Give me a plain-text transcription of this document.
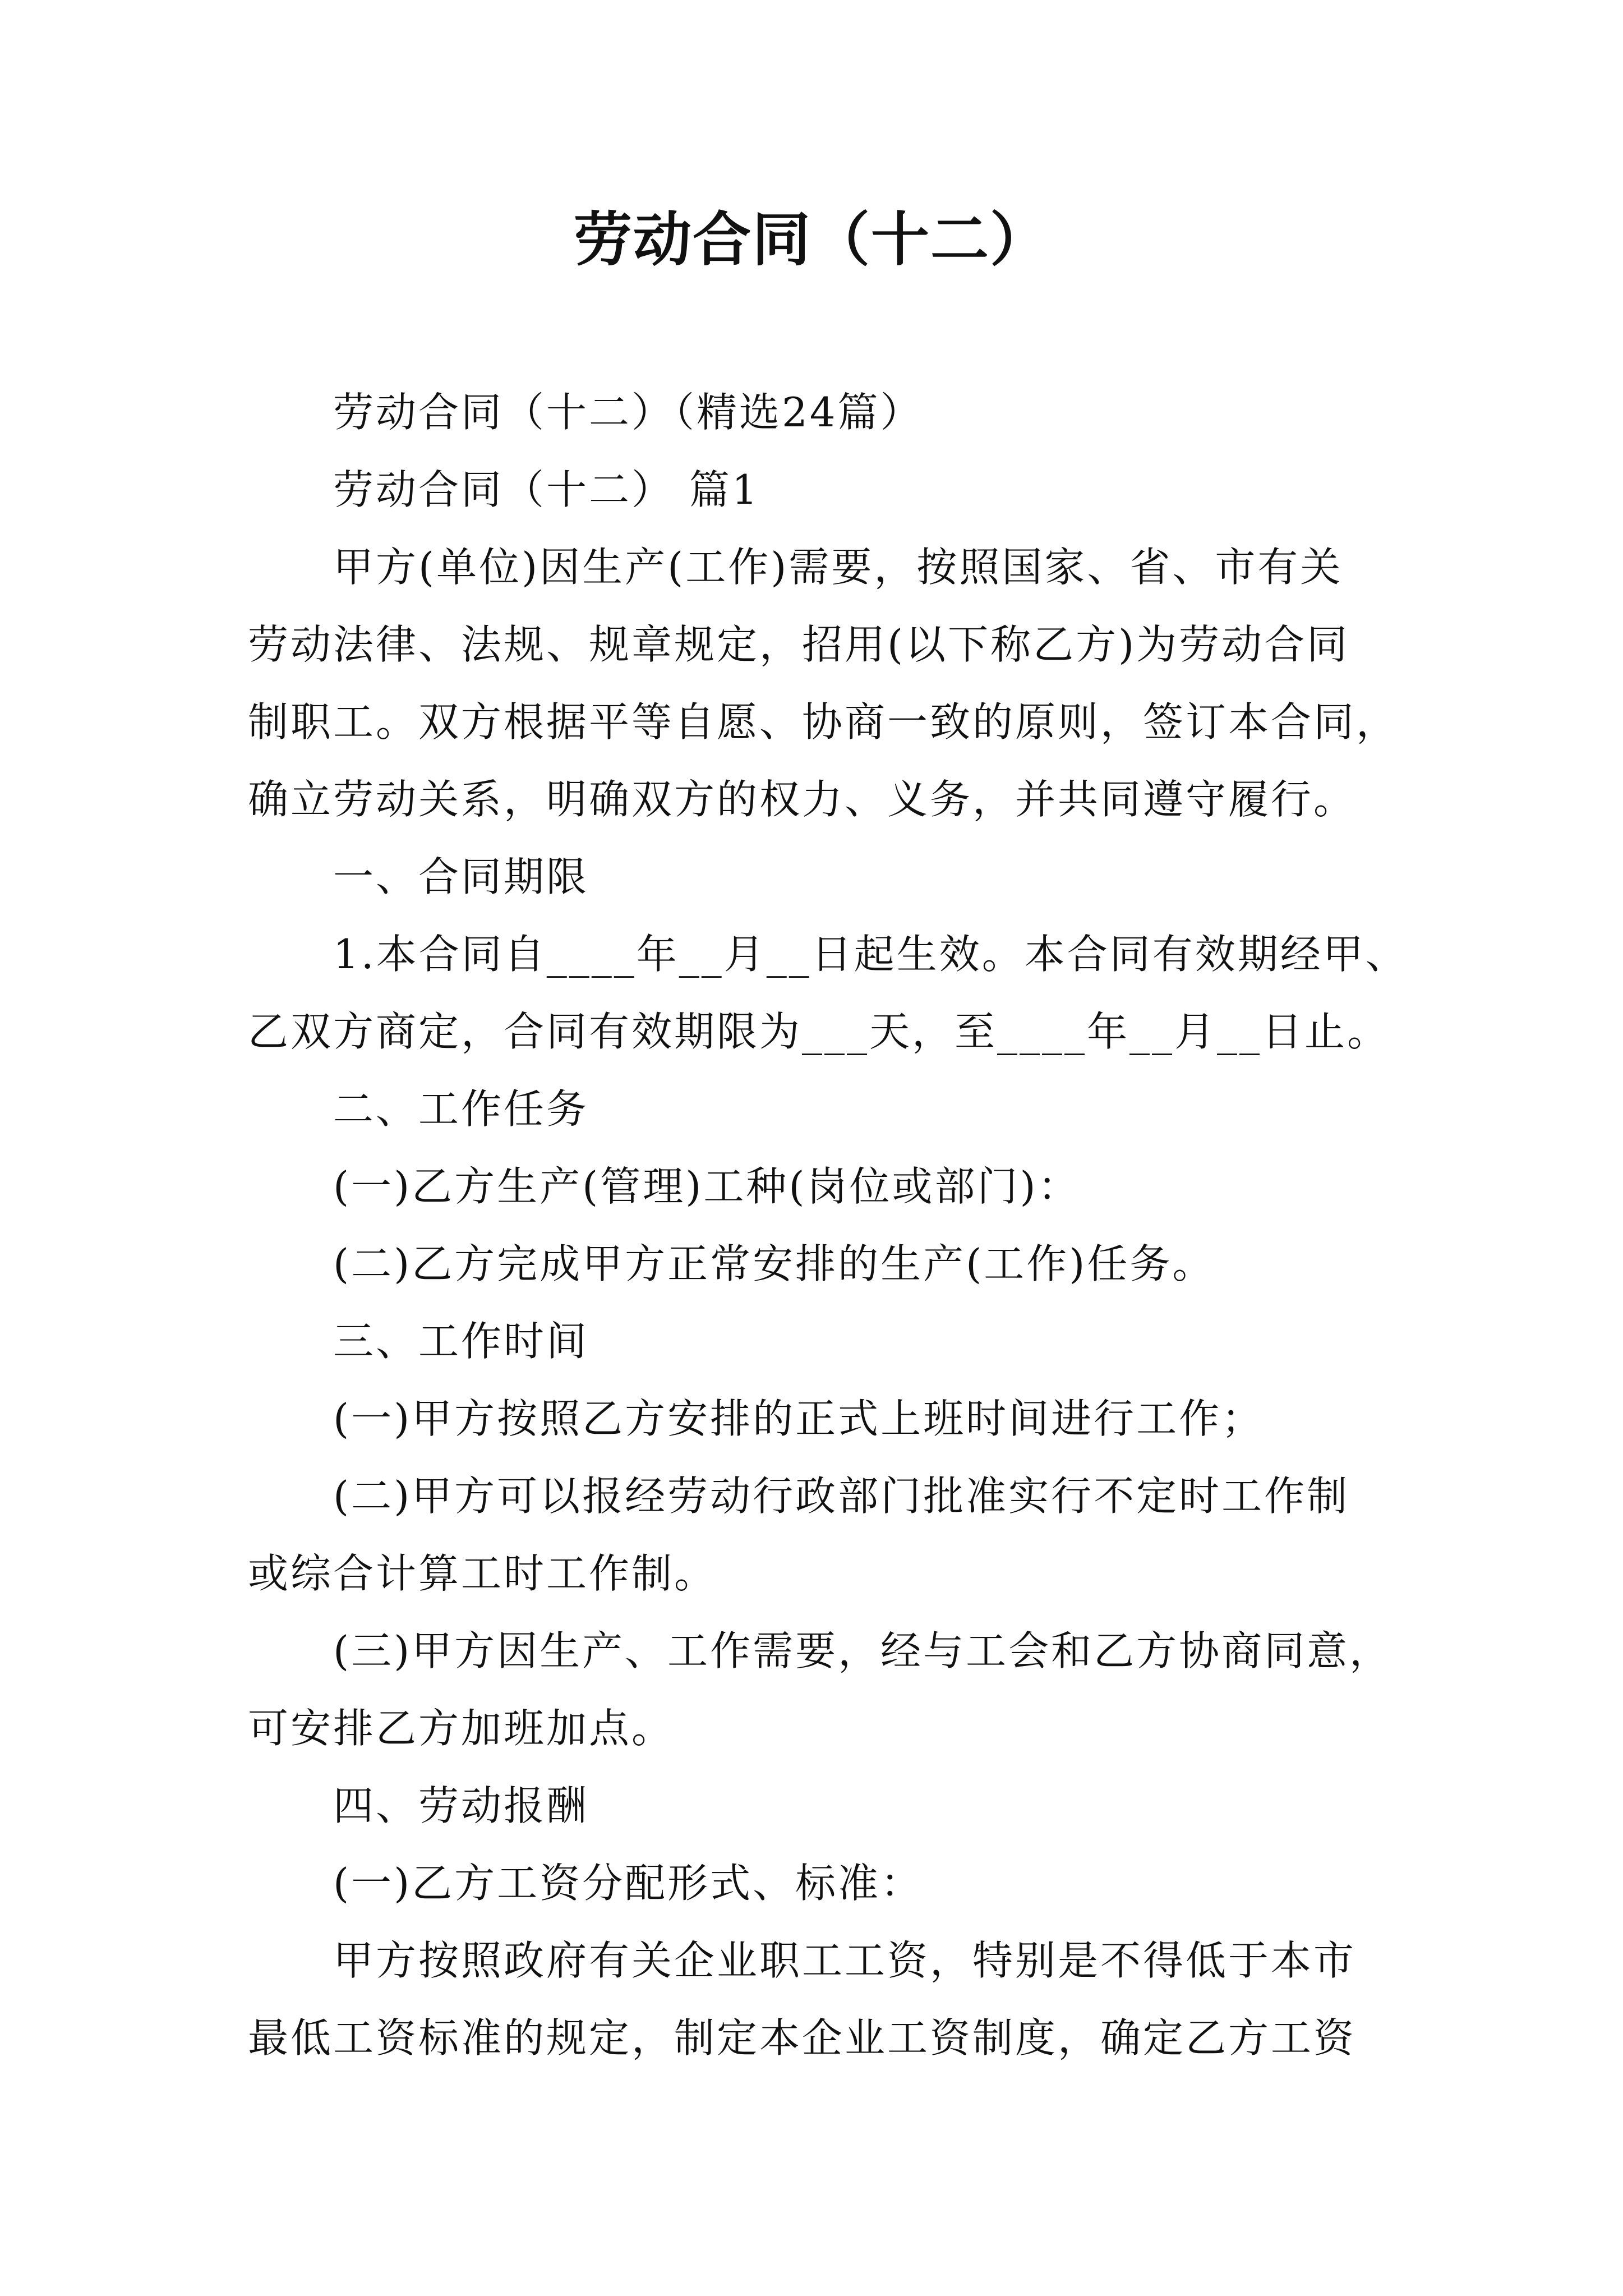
劳动合同（十二）
劳动合同（十二）（精选24篇）
劳动合同（十二） 篇1
甲方(单位)因生产(工作)需要，按照国家、省、市有关
劳动法律、法规、规章规定，招用(以下称乙方)为劳动合同
制职工。双方根据平等自愿、协商一致的原则，签订本合同，
确立劳动关系，明确双方的权力、义务，并共同遵守履行。
一、合同期限
1.本合同自____年__月__日起生效。本合同有效期经甲、
乙双方商定，合同有效期限为___天，至____年__月__日止。
二、工作任务
(一)乙方生产(管理)工种(岗位或部门)：
(二)乙方完成甲方正常安排的生产(工作)任务。
三、工作时间
(一)甲方按照乙方安排的正式上班时间进行工作；
(二)甲方可以报经劳动行政部门批准实行不定时工作制
或综合计算工时工作制。
(三)甲方因生产、工作需要，经与工会和乙方协商同意，
可安排乙方加班加点。
四、劳动报酬
(一)乙方工资分配形式、标准：
甲方按照政府有关企业职工工资，特别是不得低于本市
最低工资标准的规定，制定本企业工资制度，确定乙方工资
